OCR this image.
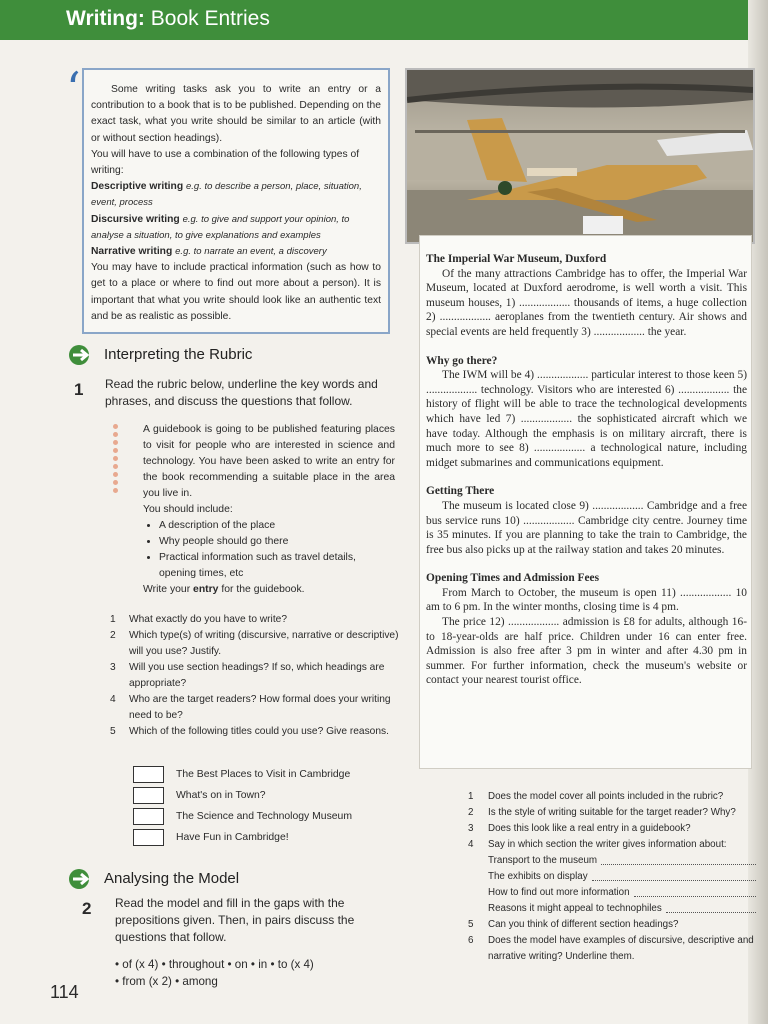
Writing: Book Entries
‘	Some writing tasks ask you to write an entry or a contribution to a book that is to be published. Depending on the exact task, what you write should be similar to an article (with or without section headings).

You will have to use a combination of the following types of writing:

Descriptive writing e.g. to describe a person, place, situation, event, process

Discursive writing e.g. to give and support your opinion, to analyse a situation, to give explanations and examples

Narrative writing e.g. to narrate an event, a discovery

You may have to include practical information (such as how to get to a place or where to find out more about a person). It is important that what you write should look like an authentic text and be as realistic as possible.

Interpreting the Rubric
1 Read the rubric below, underline the key words and phrases, and discuss the questions that follow.

A guidebook is going to be published featuring places to visit for people who are interested in science and technology. You have been asked to write an entry for the book recommending a suitable place in the area you live in.

You should include:

• A description of the place
• Why people should go there
• Practical information such as travel details, opening times, etc

Write your entry for the guidebook.

1 What exactly do you have to write?
2 Which type(s) of writing (discursive, narrative or descriptive) will you use? Justify.
3 Will you use section headings? If so, which headings are appropriate?
4 Who are the target readers? How formal does your writing need to be?
5 Which of the following titles could you use? Give reasons.
The Best Places to Visit in Cambridge
What's on in Town?
The Science and Technology Museum
Have Fun in Cambridge!
Analysing the Model
2 Read the model and fill in the gaps with the prepositions given. Then, in pairs discuss the questions that follow.
• of (x 4) • throughout • on • in • to (x 4)
• from (x 2) • among
114
The Imperial War Museum, Duxford

Of the many attractions Cambridge has to offer, the Imperial War Museum, located at Duxford aerodrome, is well worth a visit. This museum houses, 1) .................. thousands of items, a huge collection 2) .................. aeroplanes from the twentieth century. Air shows and special events are held frequently 3) .................. the year.

Why go there?

The IWM will be 4) .................. particular interest to those keen 5) .................. technology. Visitors who are interested 6) .................. the history of flight will be able to trace the technological developments which have led 7) .................. the sophisticated aircraft which we have today. Although the emphasis is on military aircraft, there is much more to see 8) .................. a technological nature, including midget submarines and communications equipment.

Getting There

The museum is located close 9) .................. Cambridge and a free bus service runs 10) .................. Cambridge city centre. Journey time is 35 minutes. If you are planning to take the train to Cambridge, the free bus also picks up at the railway station and takes 20 minutes.

Opening Times and Admission Fees

From March to October, the museum is open 11) .................. 10 am to 6 pm. In the winter months, closing time is 4 pm.

The price 12) .................. admission is £8 for adults, although 16- to 18-year-olds are half price. Children under 16 can enter free. Admission is also free after 3 pm in winter and after 4.30 pm in summer. For further information, check the museum's website or contact your nearest tourist office.

1 Does the model cover all points included in the rubric?
2 Is the style of writing suitable for the target reader? Why?
3 Does this look like a real entry in a guidebook?
4 Say in which section the writer gives information about:
Transport to the museum
The exhibits on display
How to find out more information
Reasons it might appeal to technophiles
5 Can you think of different section headings?
6 Does the model have examples of discursive, descriptive and narrative writing? Underline them.
